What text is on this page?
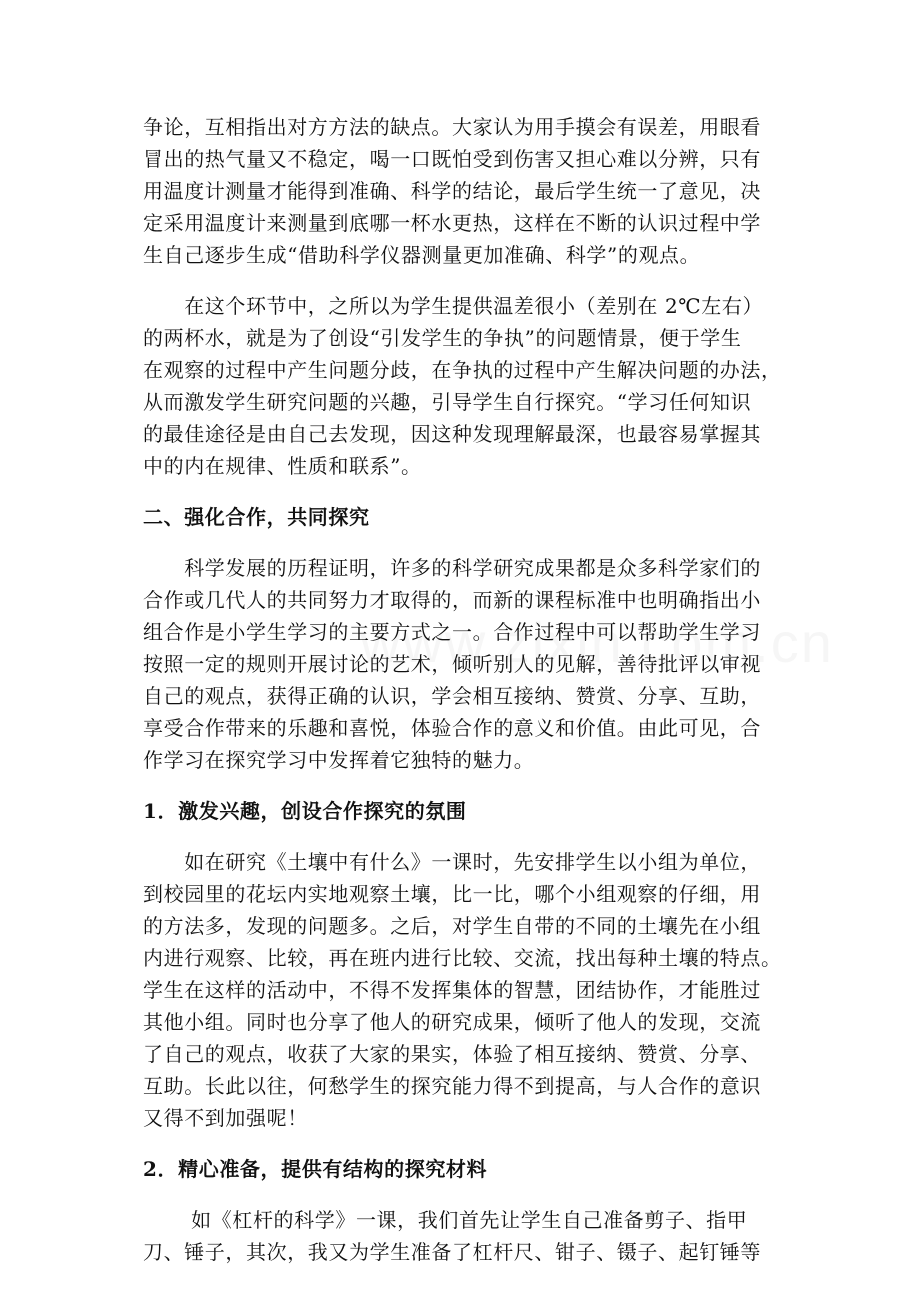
争论，互相指出对方方法的缺点。大家认为用手摸会有误差，用眼看
冒出的热气量又不稳定，喝一口既怕受到伤害又担心难以分辨，只有
用温度计测量才能得到准确、科学的结论，最后学生统一了意见，决
定采用温度计来测量到底哪一杯水更热，这样在不断的认识过程中学
生自己逐步生成“借助科学仪器测量更加准确、科学”的观点。
　　在这个环节中，之所以为学生提供温差很小（差别在 2℃左右）
的两杯水，就是为了创设“引发学生的争执”的问题情景，便于学生
在观察的过程中产生问题分歧，在争执的过程中产生解决问题的办法，
从而激发学生研究问题的兴趣，引导学生自行探究。“学习任何知识
的最佳途径是由自己去发现，因这种发现理解最深，也最容易掌握其
中的内在规律、性质和联系”。
二、强化合作，共同探究
　　科学发展的历程证明，许多的科学研究成果都是众多科学家们的
合作或几代人的共同努力才取得的，而新的课程标准中也明确指出小
组合作是小学生学习的主要方式之一。合作过程中可以帮助学生学习
按照一定的规则开展讨论的艺术，倾听别人的见解，善待批评以审视
自己的观点，获得正确的认识，学会相互接纳、赞赏、分享、互助，
享受合作带来的乐趣和喜悦，体验合作的意义和价值。由此可见，合
作学习在探究学习中发挥着它独特的魅力。
1．激发兴趣，创设合作探究的氛围
　　如在研究《土壤中有什么》一课时，先安排学生以小组为单位，
到校园里的花坛内实地观察土壤，比一比，哪个小组观察的仔细，用
的方法多，发现的问题多。之后，对学生自带的不同的土壤先在小组
内进行观察、比较，再在班内进行比较、交流，找出每种土壤的特点。
学生在这样的活动中，不得不发挥集体的智慧，团结协作，才能胜过
其他小组。同时也分享了他人的研究成果，倾听了他人的发现，交流
了自己的观点，收获了大家的果实，体验了相互接纳、赞赏、分享、
互助。长此以往，何愁学生的探究能力得不到提高，与人合作的意识
又得不到加强呢！
2．精心准备，提供有结构的探究材料
　　 如《杠杆的科学》一课，我们首先让学生自己准备剪子、指甲
刀、锤子，其次，我又为学生准备了杠杆尺、钳子、镊子、起钉锤等
